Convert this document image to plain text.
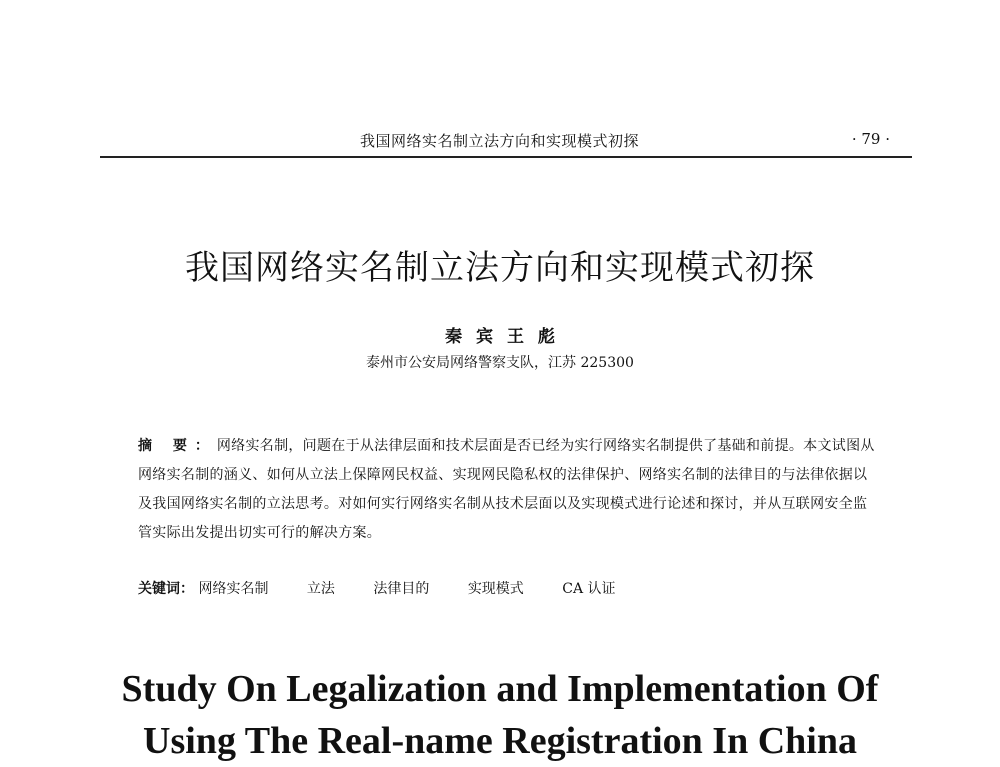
我国网络实名制立法方向和实现模式初探	· 79 ·
我国网络实名制立法方向和实现模式初探
秦 宾 王 彪
泰州市公安局网络警察支队，江苏 225300
摘 要：网络实名制，问题在于从法律层面和技术层面是否已经为实行网络实名制提供了基础和前提。本文试图从网络实名制的涵义、如何从立法上保障网民权益、实现网民隐私权的法律保护、网络实名制的法律目的与法律依据以及我国网络实名制的立法思考。对如何实行网络实名制从技术层面以及实现模式进行论述和探讨，并从互联网安全监管实际出发提出切实可行的解决方案。
关键词： 网络实名制	立法	法律目的	实现模式	CA 认证
Study On Legalization and Implementation Of
Using The Real-name Registration In China
